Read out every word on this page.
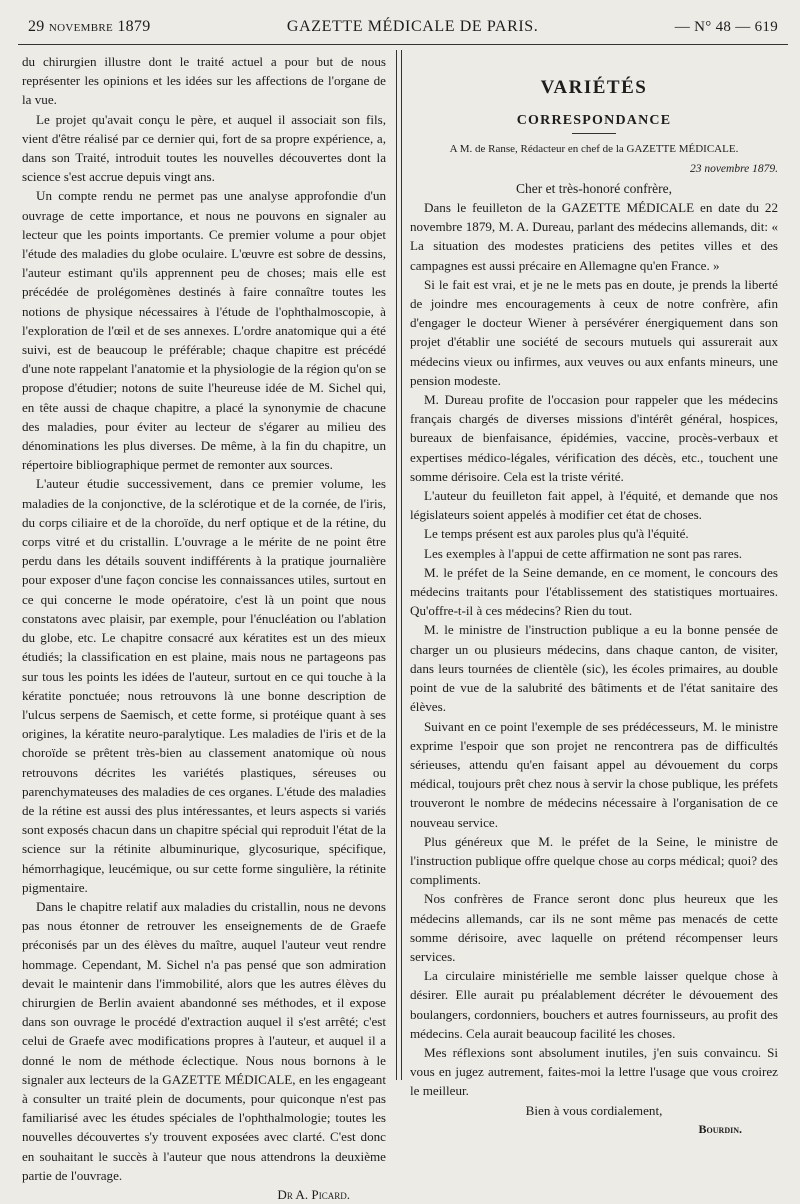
29 novembre 1879	GAZETTE MÉDICALE DE PARIS.	— N° 48 — 619

du chirurgien illustre dont le traité actuel a pour but de nous représenter les opinions et les idées sur les affections de l'organe de la vue.

Le projet qu'avait conçu le père, et auquel il associait son fils, vient d'être réalisé par ce dernier qui, fort de sa propre expérience, a, dans son Traité, introduit toutes les nouvelles découvertes dont la science s'est accrue depuis vingt ans.

Un compte rendu ne permet pas une analyse approfondie d'un ouvrage de cette importance, et nous ne pouvons en signaler au lecteur que les points importants. Ce premier volume a pour objet l'étude des maladies du globe oculaire. L'œuvre est sobre de dessins, l'auteur estimant qu'ils apprennent peu de choses; mais elle est précédée de prolégomènes destinés à faire connaître toutes les notions de physique nécessaires à l'étude de l'ophthalmoscopie, à l'exploration de l'œil et de ses annexes. L'ordre anatomique qui a été suivi, est de beaucoup le préférable; chaque chapitre est précédé d'une note rappelant l'anatomie et la physiologie de la région qu'on se propose d'étudier; notons de suite l'heureuse idée de M. Sichel qui, en tête aussi de chaque chapitre, a placé la synonymie de chacune des maladies, pour éviter au lecteur de s'égarer au milieu des dénominations les plus diverses. De même, à la fin du chapitre, un répertoire bibliographique permet de remonter aux sources.

L'auteur étudie successivement, dans ce premier volume, les maladies de la conjonctive, de la sclérotique et de la cornée, de l'iris, du corps ciliaire et de la choroïde, du nerf optique et de la rétine, du corps vitré et du cristallin. L'ouvrage a le mérite de ne point être perdu dans les détails souvent indifférents à la pratique journalière pour exposer d'une façon concise les connaissances utiles, surtout en ce qui concerne le mode opératoire, c'est là un point que nous constatons avec plaisir, par exemple, pour l'énucléation ou l'ablation du globe, etc. Le chapitre consacré aux kératites est un des mieux étudiés; la classification en est plaine, mais nous ne partageons pas sur tous les points les idées de l'auteur, surtout en ce qui touche à la kératite ponctuée; nous retrouvons là une bonne description de l'ulcus serpens de Saemisch, et cette forme, si protéique quant à ses origines, la kératite neuro-paralytique. Les maladies de l'iris et de la choroïde se prêtent très-bien au classement anatomique où nous retrouvons décrites les variétés plastiques, séreuses ou parenchymateuses des maladies de ces organes. L'étude des maladies de la rétine est aussi des plus intéressantes, et leurs aspects si variés sont exposés chacun dans un chapitre spécial qui reproduit l'état de la science sur la rétinite albuminurique, glycosurique, spécifique, hémorrhagique, leucémique, ou sur cette forme singulière, la rétinite pigmentaire.

Dans le chapitre relatif aux maladies du cristallin, nous ne devons pas nous étonner de retrouver les enseignements de de Graefe préconisés par un des élèves du maître, auquel l'auteur veut rendre hommage. Cependant, M. Sichel n'a pas pensé que son admiration devait le maintenir dans l'immobilité, alors que les autres élèves du chirurgien de Berlin avaient abandonné ses méthodes, et il expose dans son ouvrage le procédé d'extraction auquel il s'est arrêté; c'est celui de Graefe avec modifications propres à l'auteur, et auquel il a donné le nom de méthode éclectique. Nous nous bornons à le signaler aux lecteurs de la GAZETTE MÉDICALE, en les engageant à consulter un traité plein de documents, pour quiconque n'est pas familiarisé avec les études spéciales de l'ophthalmologie; toutes les nouvelles découvertes s'y trouvent exposées avec clarté. C'est donc en souhaitant le succès à l'auteur que nous attendrons la deuxième partie de l'ouvrage.

Dr A. Picard.

VARIÉTÉS
CORRESPONDANCE

A M. de Ranse, Rédacteur en chef de la GAZETTE MÉDICALE.

23 novembre 1879.

Cher et très-honoré confrère,

Dans le feuilleton de la GAZETTE MÉDICALE en date du 22 novembre 1879, M. A. Dureau, parlant des médecins allemands, dit: « La situation des modestes praticiens des petites villes et des campagnes est aussi précaire en Allemagne qu'en France. »

Si le fait est vrai, et je ne le mets pas en doute, je prends la liberté de joindre mes encouragements à ceux de notre confrère, afin d'engager le docteur Wiener à persévérer énergiquement dans son projet d'établir une société de secours mutuels qui assurerait aux médecins vieux ou infirmes, aux veuves ou aux enfants mineurs, une pension modeste.

M. Dureau profite de l'occasion pour rappeler que les médecins français chargés de diverses missions d'intérêt général, hospices, bureaux de bienfaisance, épidémies, vaccine, procès-verbaux et expertises médico-légales, vérification des décès, etc., touchent une somme dérisoire. Cela est la triste vérité.

L'auteur du feuilleton fait appel, à l'équité, et demande que nos législateurs soient appelés à modifier cet état de choses.

Le temps présent est aux paroles plus qu'à l'équité.

Les exemples à l'appui de cette affirmation ne sont pas rares.

M. le préfet de la Seine demande, en ce moment, le concours des médecins traitants pour l'établissement des statistiques mortuaires. Qu'offre-t-il à ces médecins? Rien du tout.

M. le ministre de l'instruction publique a eu la bonne pensée de charger un ou plusieurs médecins, dans chaque canton, de visiter, dans leurs tournées de clientèle (sic), les écoles primaires, au double point de vue de la salubrité des bâtiments et de l'état sanitaire des élèves.

Suivant en ce point l'exemple de ses prédécesseurs, M. le ministre exprime l'espoir que son projet ne rencontrera pas de difficultés sérieuses, attendu qu'en faisant appel au dévouement du corps médical, toujours prêt chez nous à servir la chose publique, les préfets trouveront le nombre de médecins nécessaire à l'organisation de ce nouveau service.

Plus généreux que M. le préfet de la Seine, le ministre de l'instruction publique offre quelque chose au corps médical; quoi? des compliments.

Nos confrères de France seront donc plus heureux que les médecins allemands, car ils ne sont même pas menacés de cette somme dérisoire, avec laquelle on prétend récompenser leurs services.

La circulaire ministérielle me semble laisser quelque chose à désirer. Elle aurait pu préalablement décréter le dévouement des boulangers, cordonniers, bouchers et autres fournisseurs, au profit des médecins. Cela aurait beaucoup facilité les choses.

Mes réflexions sont absolument inutiles, j'en suis convaincu. Si vous en jugez autrement, faites-moi la lettre l'usage que vous croirez le meilleur.

Bien à vous cordialement,

Bourdin.
